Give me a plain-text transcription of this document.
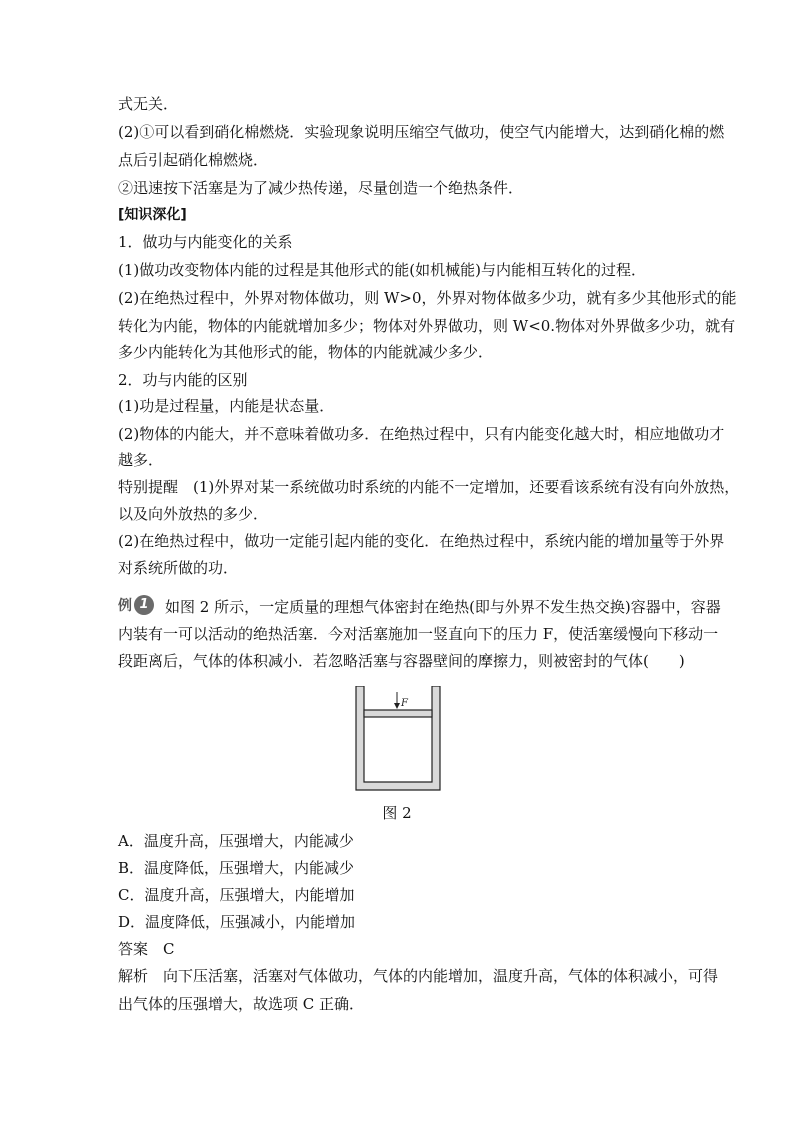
式无关．
(2)①可以看到硝化棉燃烧．实验现象说明压缩空气做功，使空气内能增大，达到硝化棉的燃
点后引起硝化棉燃烧．
②迅速按下活塞是为了减少热传递，尽量创造一个绝热条件．
[知识深化]
1．做功与内能变化的关系
(1)做功改变物体内能的过程是其他形式的能(如机械能)与内能相互转化的过程．
(2)在绝热过程中，外界对物体做功，则 W>0，外界对物体做多少功，就有多少其他形式的能
转化为内能，物体的内能就增加多少；物体对外界做功，则 W<0.物体对外界做多少功，就有
多少内能转化为其他形式的能，物体的内能就减少多少．
2．功与内能的区别
(1)功是过程量，内能是状态量．
(2)物体的内能大，并不意味着做功多．在绝热过程中，只有内能变化越大时，相应地做功才
越多．
特别提醒　(1)外界对某一系统做功时系统的内能不一定增加，还要看该系统有没有向外放热，
以及向外放热的多少．
(2)在绝热过程中，做功一定能引起内能的变化．在绝热过程中，系统内能的增加量等于外界
对系统所做的功．
例 1	如图 2 所示，一定质量的理想气体密封在绝热(即与外界不发生热交换)容器中，容器
内装有一可以活动的绝热活塞．今对活塞施加一竖直向下的压力 F，使活塞缓慢向下移动一
段距离后，气体的体积减小．若忽略活塞与容器壁间的摩擦力，则被密封的气体(　　)
F
图 2
A．温度升高，压强增大，内能减少
B．温度降低，压强增大，内能减少
C．温度升高，压强增大，内能增加
D．温度降低，压强减小，内能增加
答案　C
解析　向下压活塞，活塞对气体做功，气体的内能增加，温度升高，气体的体积减小，可得
出气体的压强增大，故选项 C 正确．
